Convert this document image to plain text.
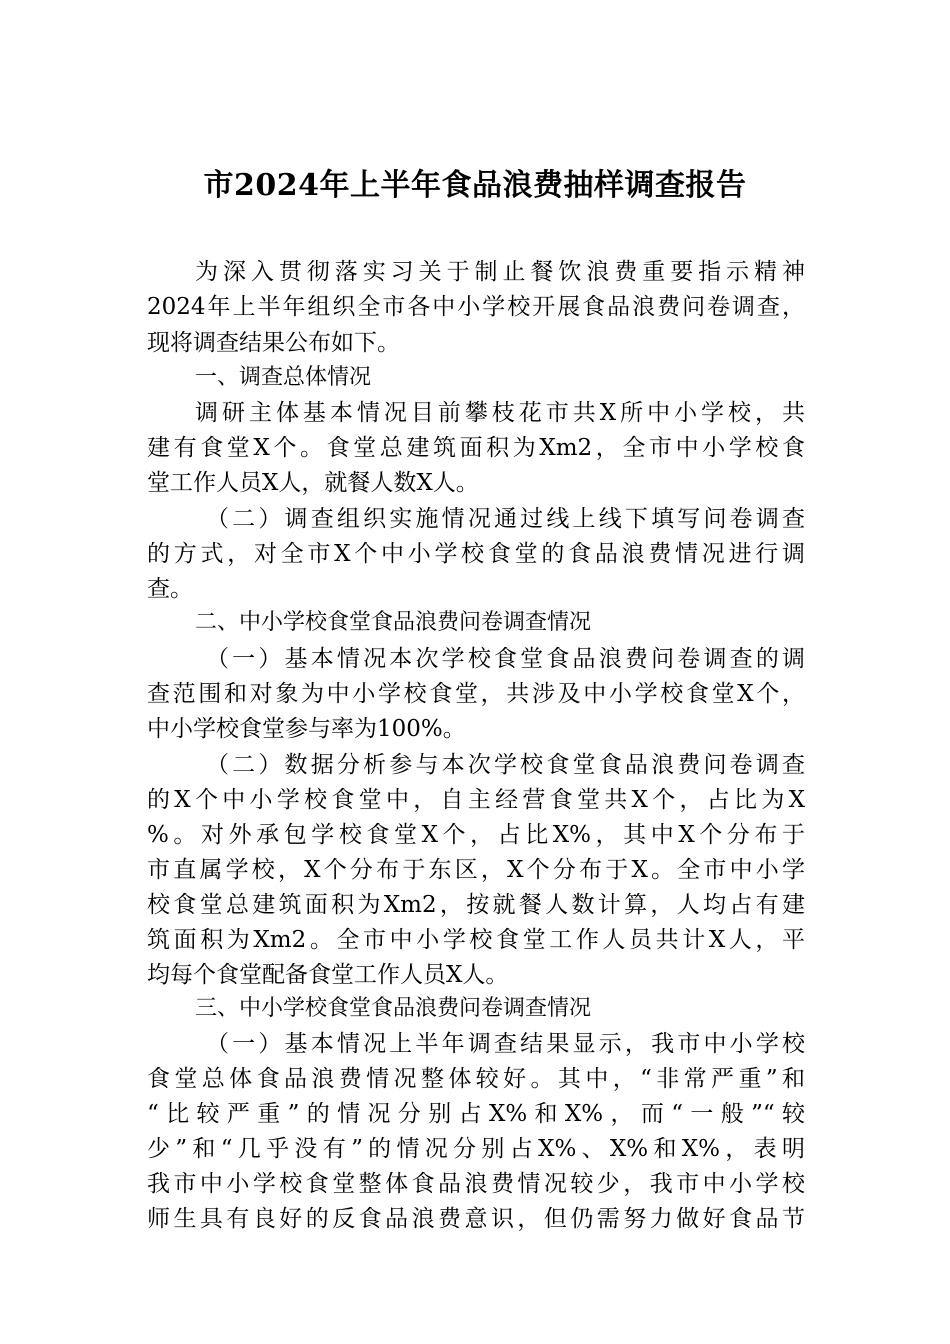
市2024年上半年食品浪费抽样调查报告
为深入贯彻落实习关于制止餐饮浪费重要指示精神
2024年上半年组织全市各中小学校开展食品浪费问卷调查，
现将调查结果公布如下。
一、调查总体情况
调研主体基本情况目前攀枝花市共X所中小学校，共
建有食堂X个。食堂总建筑面积为Xm2，全市中小学校食
堂工作人员X人，就餐人数X人。
（二）调查组织实施情况通过线上线下填写问卷调查
的方式，对全市X个中小学校食堂的食品浪费情况进行调
查。
二、中小学校食堂食品浪费问卷调查情况
（一）基本情况本次学校食堂食品浪费问卷调查的调
查范围和对象为中小学校食堂，共涉及中小学校食堂X个，
中小学校食堂参与率为100%。
（二）数据分析参与本次学校食堂食品浪费问卷调查
的X个中小学校食堂中，自主经营食堂共X个，占比为X
%。对外承包学校食堂X个，占比X%，其中X个分布于
市直属学校，X个分布于东区，X个分布于X。全市中小学
校食堂总建筑面积为Xm2，按就餐人数计算，人均占有建
筑面积为Xm2。全市中小学校食堂工作人员共计X人，平
均每个食堂配备食堂工作人员X人。
三、中小学校食堂食品浪费问卷调查情况
（一）基本情况上半年调查结果显示，我市中小学校
食堂总体食品浪费情况整体较好。其中，“非常严重”和
“比较严重”的情况分别占X%和X%，而“一般”“较
少”和“几乎没有”的情况分别占X%、X%和X%，表明
我市中小学校食堂整体食品浪费情况较少，我市中小学校
师生具有良好的反食品浪费意识，但仍需努力做好食品节
